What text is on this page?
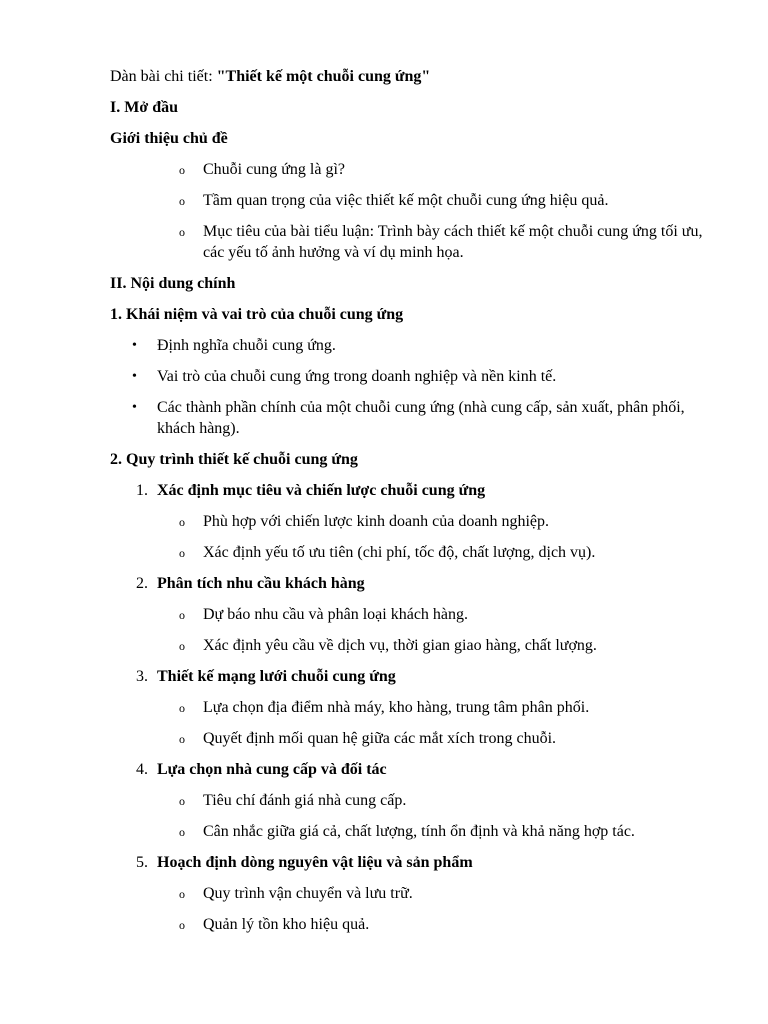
Dàn bài chi tiết: "Thiết kế một chuỗi cung ứng"
I. Mở đầu
Giới thiệu chủ đề
o Chuỗi cung ứng là gì?
o Tầm quan trọng của việc thiết kế một chuỗi cung ứng hiệu quả.
o Mục tiêu của bài tiểu luận: Trình bày cách thiết kế một chuỗi cung ứng tối ưu, các yếu tố ảnh hưởng và ví dụ minh họa.
II. Nội dung chính
1. Khái niệm và vai trò của chuỗi cung ứng
• Định nghĩa chuỗi cung ứng.
• Vai trò của chuỗi cung ứng trong doanh nghiệp và nền kinh tế.
• Các thành phần chính của một chuỗi cung ứng (nhà cung cấp, sản xuất, phân phối, khách hàng).
2. Quy trình thiết kế chuỗi cung ứng
1. Xác định mục tiêu và chiến lược chuỗi cung ứng
o Phù hợp với chiến lược kinh doanh của doanh nghiệp.
o Xác định yếu tố ưu tiên (chi phí, tốc độ, chất lượng, dịch vụ).
2. Phân tích nhu cầu khách hàng
o Dự báo nhu cầu và phân loại khách hàng.
o Xác định yêu cầu về dịch vụ, thời gian giao hàng, chất lượng.
3. Thiết kế mạng lưới chuỗi cung ứng
o Lựa chọn địa điểm nhà máy, kho hàng, trung tâm phân phối.
o Quyết định mối quan hệ giữa các mắt xích trong chuỗi.
4. Lựa chọn nhà cung cấp và đối tác
o Tiêu chí đánh giá nhà cung cấp.
o Cân nhắc giữa giá cả, chất lượng, tính ổn định và khả năng hợp tác.
5. Hoạch định dòng nguyên vật liệu và sản phẩm
o Quy trình vận chuyển và lưu trữ.
o Quản lý tồn kho hiệu quả.
